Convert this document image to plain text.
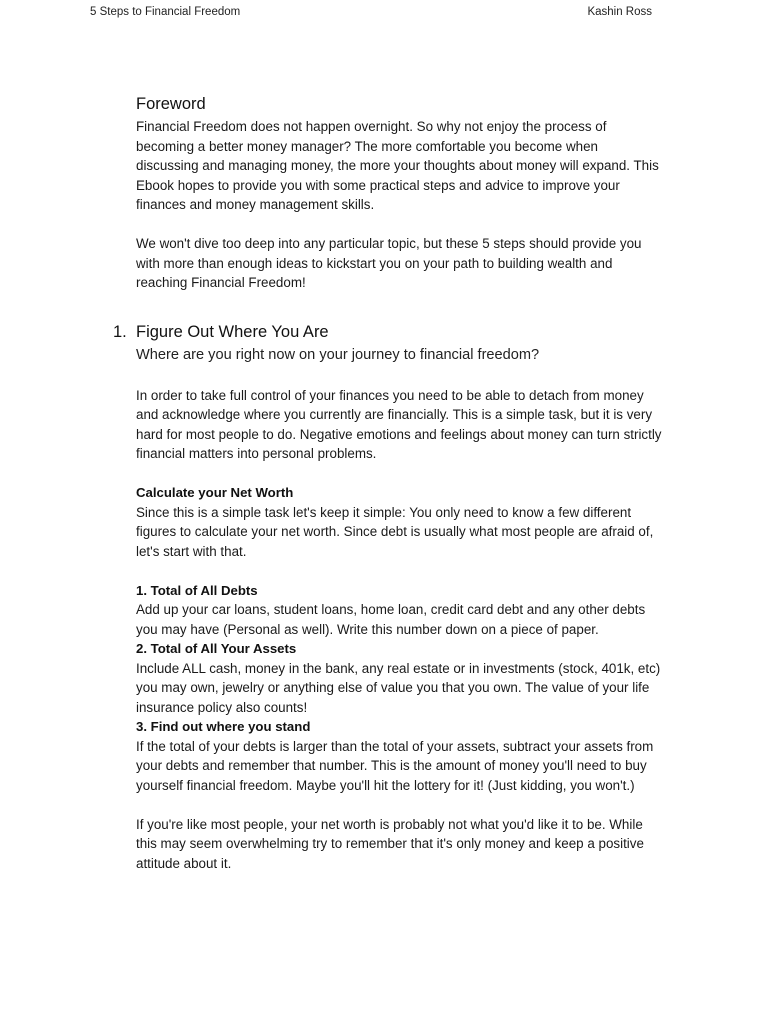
5 Steps to Financial Freedom	Kashin Ross
Foreword

Financial Freedom does not happen overnight. So why not enjoy the process of

becoming a better money manager? The more comfortable you become when

discussing and managing money, the more your thoughts about money will expand. This

Ebook hopes to provide you with some practical steps and advice to improve your

finances and money management skills.

We won't dive too deep into any particular topic, but these 5 steps should provide you

with more than enough ideas to kickstart you on your path to building wealth and

reaching Financial Freedom!

1. Figure Out Where You Are

Where are you right now on your journey to financial freedom?

In order to take full control of your finances you need to be able to detach from money

and acknowledge where you currently are financially. This is a simple task, but it is very

hard for most people to do. Negative emotions and feelings about money can turn strictly

financial matters into personal problems.

Calculate your Net Worth

Since this is a simple task let's keep it simple: You only need to know a few different

figures to calculate your net worth. Since debt is usually what most people are afraid of,

let's start with that.

1. Total of All Debts

Add up your car loans, student loans, home loan, credit card debt and any other debts

you may have (Personal as well). Write this number down on a piece of paper.

2. Total of All Your Assets

Include ALL cash, money in the bank, any real estate or in investments (stock, 401k, etc)

you may own, jewelry or anything else of value you that you own. The value of your life

insurance policy also counts!

3. Find out where you stand

If the total of your debts is larger than the total of your assets, subtract your assets from

your debts and remember that number. This is the amount of money you'll need to buy

yourself financial freedom. Maybe you'll hit the lottery for it! (Just kidding, you won't.)

If you're like most people, your net worth is probably not what you'd like it to be. While

this may seem overwhelming try to remember that it's only money and keep a positive

attitude about it.
